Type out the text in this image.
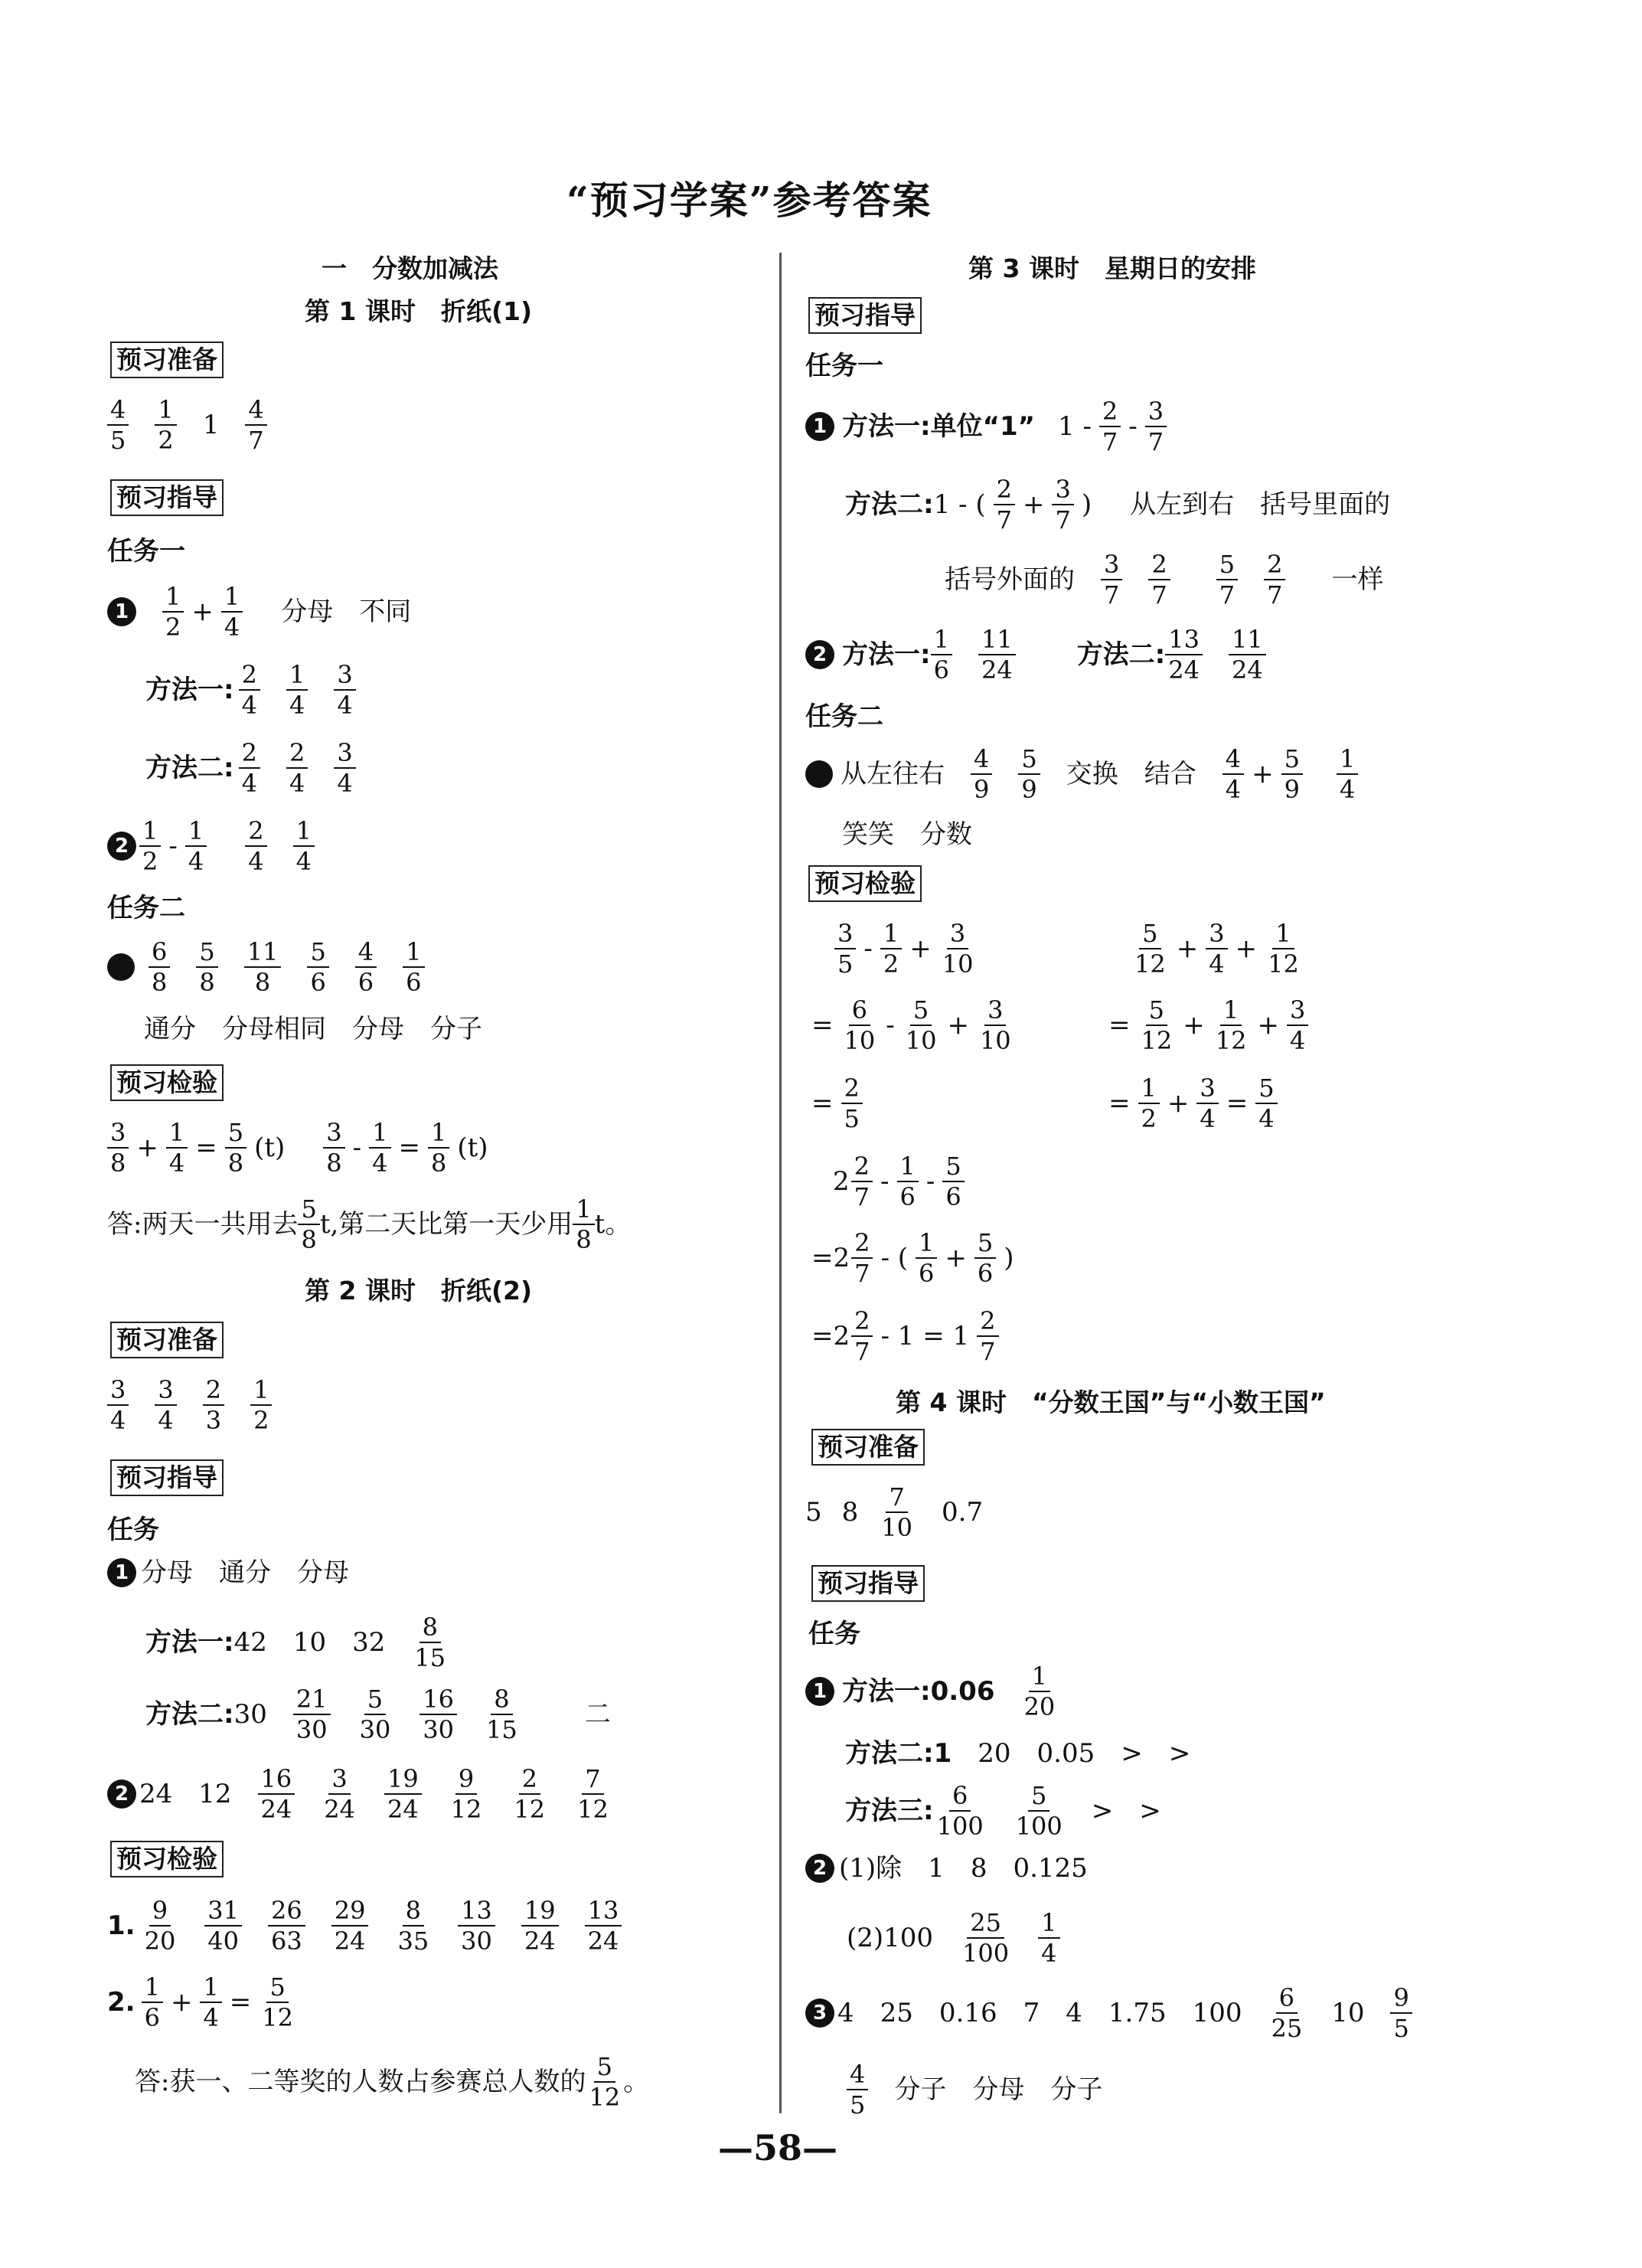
“预习学案”参考答案
一　分数加减法
第 1 课时　折纸(1)
预习准备
4
5
1
2 1 4
7
预习指导
任务一
1
1
$2 + \frac{1}{4}$ 分母 不同
方法一: 2
4
1
4
3
4
方法二: 2
4
2
4
3
4
2
1
2 - 1
4
2
4
1
4
任务二
6
8
5
8
11
8
5
6
4
6
1
6
通分 分母相同 分母 分子
预习检验
3
$8 + \frac{1}{4} = \frac{5}{8} (t)$ 3
$8 - \frac{1}{4} = \frac{1}{8} (t)$
答:两天一共用去 5
8 t,第二天比第一天少用 1
8 t。
第 2 课时　折纸(2)
预习准备
3
4
3
4
2
3
1
2
预习指导
任务
1 分母 通分 分母
方法一: 42 10 32 8
15
方法二: 30 21
30
5
30
16
30
8
15	二
2 24 12 16
24
3
24
19
24
9
12
2
12
7
12
预习检验
1. 9
20
31
40
26
63
29
24
8
35
13
30
19
24
13
24
2. 1
$6 + \frac{1}{4} = \frac{5}{12}$
答:获一、二等奖的人数占参赛总人数的 5
12 。
第 3 课时　星期日的安排
预习指导
任务一
1 方法一:单位“1” 1 - 2
7 - 3
7
方法二: 1 - ( 2
$7 + \frac{3}{7}$ ) 从左到右 括号里面的
括号外面的 3
7
2
7
5
7
2
7 一样
2 方法一: 1
6
11
24 方法二: 13
24
11
24
任务二
从左往右 4
9
5
9 交换 结合 4
$4 + \frac{5}{9} 1$
4
笑笑 分数
预习检验
3
5 - 1
$2 + \frac{3}{10}$
= $\frac{6}{10} - 5$
$10 + \frac{3}{10}$
= $\frac{2}{5}$
5
$12 + \frac{3}{4} + \frac{1}{12}$
= $\frac{5}{12} + \frac{1}{12} + \frac{3}{4}$
= $\frac{1}{2} + \frac{3}{4} = \frac{5}{4}$
2 2
7 - 1
6 - 5
6
=2 2
7 - ( 1
$6 + \frac{5}{6}$ )
=2 2
7 - 1 = 1 2
7
第 4 课时　“分数王国”与“小数王国”
预习准备
5 8 7
10 0.7
预习指导
任务
1 方法一:0.06 1
20
方法二:1 20 0.05 > >
方法三: 6
100
5
100 > >
2 (1)除 1 8 0.125
(2)100 25
100
1
4
3 4 25 0.16 7 4 1.75 100 6
25 10 9
5
4
5 分子 分母 分子
—58—
